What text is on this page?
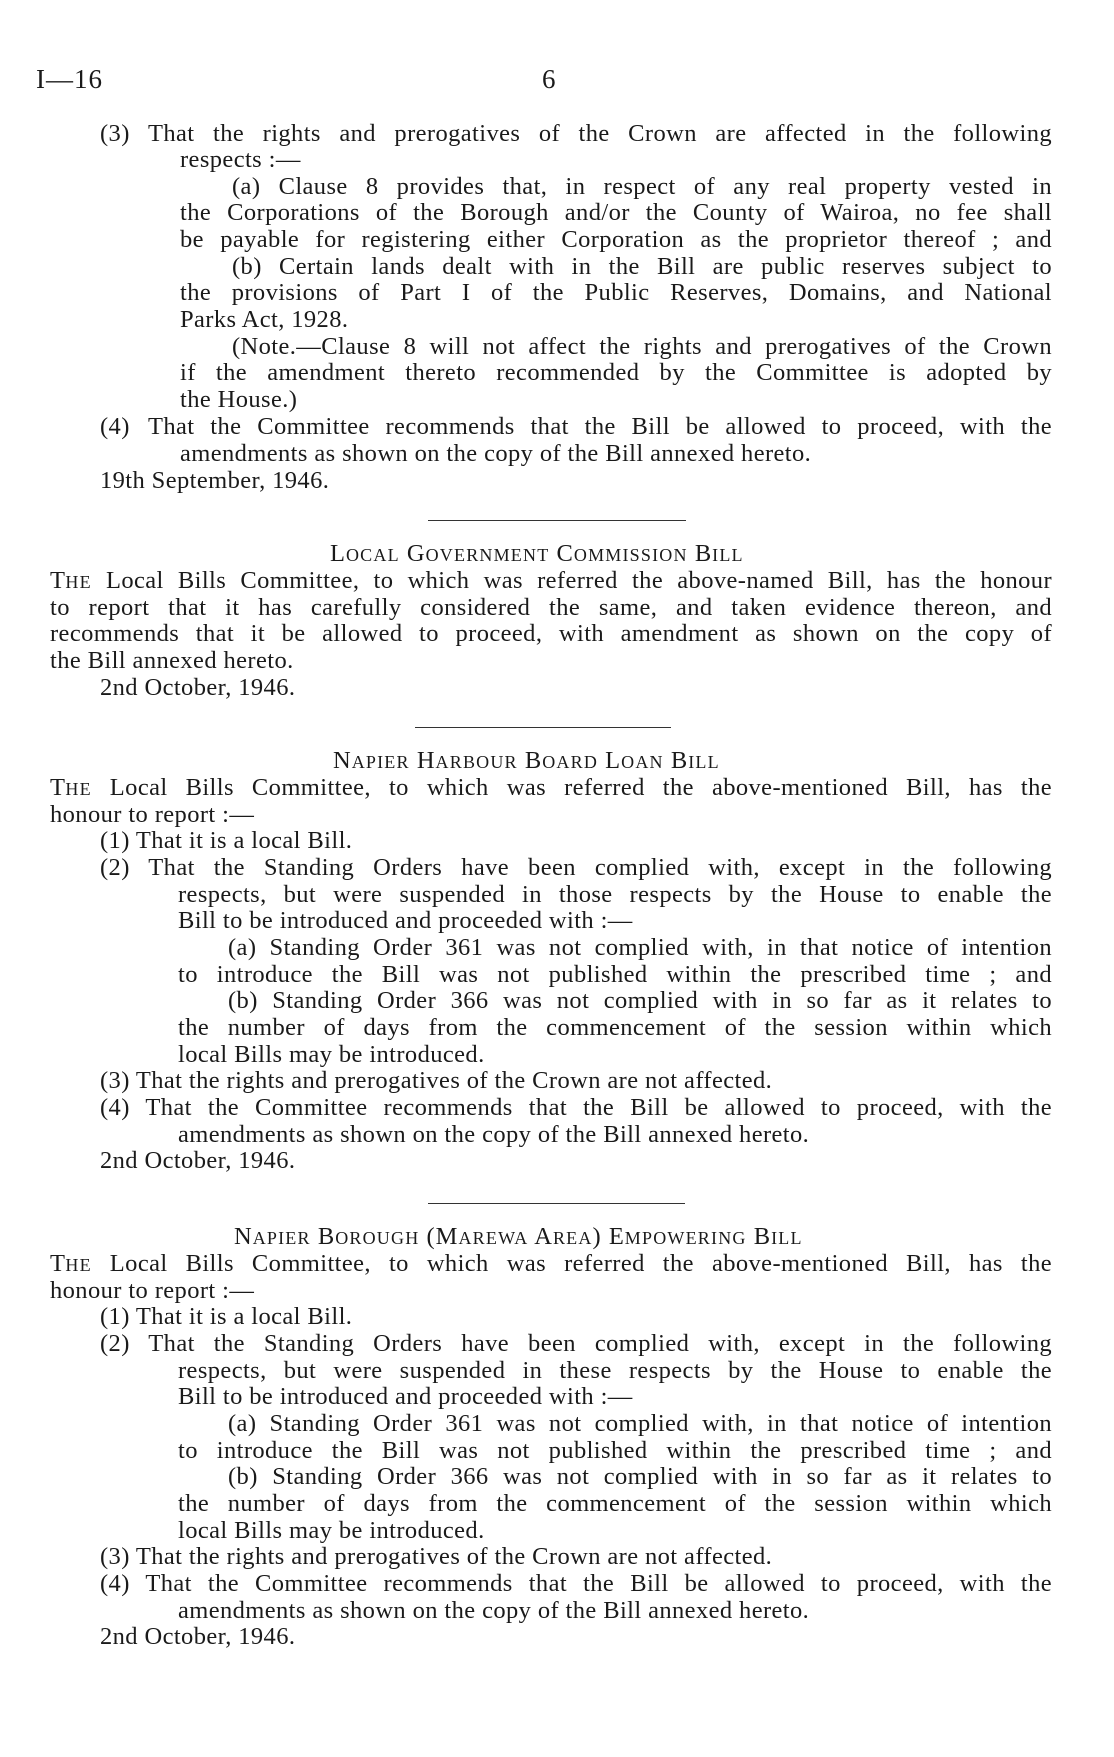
I—16	6
(3) That the rights and prerogatives of the Crown are affected in the following
respects :—
(a) Clause 8 provides that, in respect of any real property vested in
the Corporations of the Borough and/or the County of Wairoa, no fee shall
be payable for registering either Corporation as the proprietor thereof ; and
(b) Certain lands dealt with in the Bill are public reserves subject to
the provisions of Part I of the Public Reserves, Domains, and National
Parks Act, 1928.
(Note.—Clause 8 will not affect the rights and prerogatives of the Crown
if the amendment thereto recommended by the Committee is adopted by
the House.)
(4) That the Committee recommends that the Bill be allowed to proceed, with the
amendments as shown on the copy of the Bill annexed hereto.
19th September, 1946.
LOCAL GOVERNMENT COMMISSION BILL
THE Local Bills Committee, to which was referred the above-named Bill, has the honour
to report that it has carefully considered the same, and taken evidence thereon, and
recommends that it be allowed to proceed, with amendment as shown on the copy of
the Bill annexed hereto.
2nd October, 1946.
NAPIER HARBOUR BOARD LOAN BILL
THE Local Bills Committee, to which was referred the above-mentioned Bill, has the
honour to report :—
(1) That it is a local Bill.
(2) That the Standing Orders have been complied with, except in the following
respects, but were suspended in those respects by the House to enable the
Bill to be introduced and proceeded with :—
(a) Standing Order 361 was not complied with, in that notice of intention
to introduce the Bill was not published within the prescribed time ; and
(b) Standing Order 366 was not complied with in so far as it relates to
the number of days from the commencement of the session within which
local Bills may be introduced.
(3) That the rights and prerogatives of the Crown are not affected.
(4) That the Committee recommends that the Bill be allowed to proceed, with the
amendments as shown on the copy of the Bill annexed hereto.
2nd October, 1946.
NAPIER BOROUGH (MAREWA AREA) EMPOWERING BILL
THE Local Bills Committee, to which was referred the above-mentioned Bill, has the
honour to report :—
(1) That it is a local Bill.
(2) That the Standing Orders have been complied with, except in the following
respects, but were suspended in these respects by the House to enable the
Bill to be introduced and proceeded with :—
(a) Standing Order 361 was not complied with, in that notice of intention
to introduce the Bill was not published within the prescribed time ; and
(b) Standing Order 366 was not complied with in so far as it relates to
the number of days from the commencement of the session within which
local Bills may be introduced.
(3) That the rights and prerogatives of the Crown are not affected.
(4) That the Committee recommends that the Bill be allowed to proceed, with the
amendments as shown on the copy of the Bill annexed hereto.
2nd October, 1946.
